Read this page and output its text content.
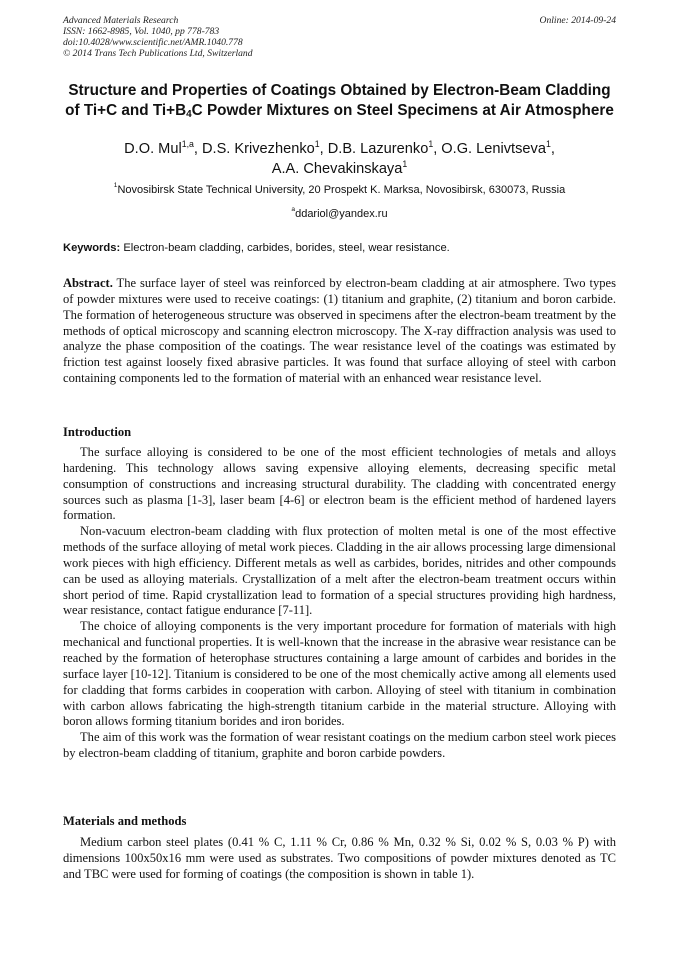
Advanced Materials Research
ISSN: 1662-8985, Vol. 1040, pp 778-783
doi:10.4028/www.scientific.net/AMR.1040.778
© 2014 Trans Tech Publications Ltd, Switzerland
Online: 2014-09-24
Structure and Properties of Coatings Obtained by Electron-Beam Cladding of Ti+C and $Ti+B_4C$ Powder Mixtures on Steel Specimens at Air Atmosphere
D.O. Mul$^{1,a}$, D.S. Krivezhenko$^1$, D.B. Lazurenko$^1$, O.G. Lenivtseva$^1$,
A.A. Chevakinskaya$^1$
$^1$Novosibirsk State Technical University, 20 Prospekt K. Marksa, Novosibirsk, 630073, Russia
$^a$ddariol@yandex.ru
Keywords: Electron-beam cladding, carbides, borides, steel, wear resistance.
Abstract. The surface layer of steel was reinforced by electron-beam cladding at air atmosphere. Two types of powder mixtures were used to receive coatings: (1) titanium and graphite, (2) titanium and boron carbide. The formation of heterogeneous structure was observed in specimens after the electron-beam treatment by the methods of optical microscopy and scanning electron microscopy. The X-ray diffraction analysis was used to analyze the phase composition of the coatings. The wear resistance level of the coatings was estimated by friction test against loosely fixed abrasive particles. It was found that surface alloying of steel with carbon containing components led to the formation of material with an enhanced wear resistance level.
Introduction

The surface alloying is considered to be one of the most efficient technologies of metals and alloys hardening. This technology allows saving expensive alloying elements, decreasing specific metal consumption of constructions and increasing structural durability. The cladding with concentrated energy sources such as plasma [1-3], laser beam [4-6] or electron beam is the efficient method of hardened layers formation.

Non-vacuum electron-beam cladding with flux protection of molten metal is one of the most effective methods of the surface alloying of metal work pieces. Cladding in the air allows processing large dimensional work pieces with high efficiency. Different metals as well as carbides, borides, nitrides and other compounds can be used as alloying materials. Crystallization of a melt after the electron-beam treatment occurs within short period of time. Rapid crystallization lead to formation of a special structures providing high hardness, wear resistance, contact fatigue endurance [7-11].

The choice of alloying components is the very important procedure for formation of materials with high mechanical and functional properties. It is well-known that the increase in the abrasive wear resistance can be reached by the formation of heterophase structures containing a large amount of carbides and borides in the surface layer [10-12]. Titanium is considered to be one of the most chemically active among all elements used for cladding that forms carbides in cooperation with carbon. Alloying of steel with titanium in combination with carbon allows fabricating the high-strength titanium carbide in the material structure. Alloying with boron allows forming titanium borides and iron borides.

The aim of this work was the formation of wear resistant coatings on the medium carbon steel work pieces by electron-beam cladding of titanium, graphite and boron carbide powders.

Materials and methods

Medium carbon steel plates (0.41 % C, 1.11 % Cr, 0.86 % Mn, 0.32 % Si, 0.02 % S, 0.03 % P) with dimensions 100x50x16 mm were used as substrates. Two compositions of powder mixtures denoted as TC and TBC were used for forming of coatings (the composition is shown in table 1).
